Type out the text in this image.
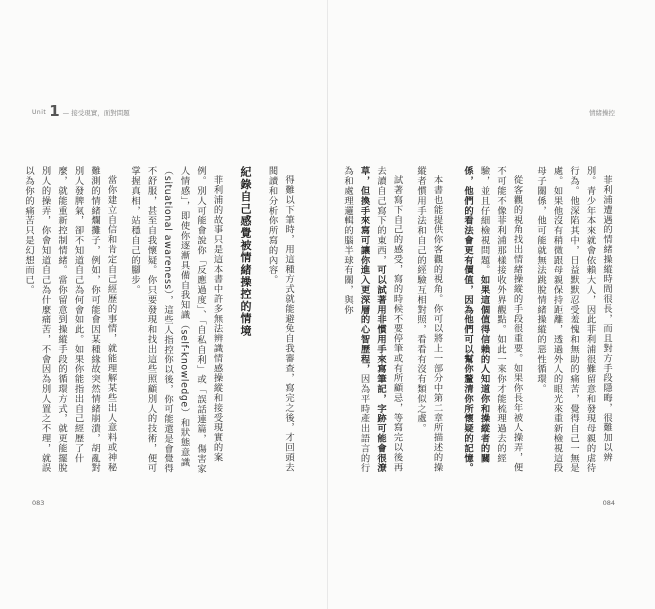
Unit 1 — 接受現實，面對問題

得難以下筆時，用這種方式就能避免自我審查，寫完之後，才回頭去閱讀和分析你所寫的內容。

紀錄自己感覺被情緒操控的情境

菲利浦的故事只是這本書中許多無法辨識情感操縱和接受現實的案例。別人可能會說你「反應過度」、「自私自利」或「誤話連篇，傷害家人情感」，即使你逐漸具備自我知識（self-knowledge）和狀態意識（situational awareness），這些人指控你以後，你可能還是會覺得不舒服，甚至自我懷疑。你只要發現和找出這些照顧別人的技術，便可掌握真相，站穩自己的腳步。

當你建立自信和肯定自己經歷的事情，就能理解某些出人意料或神秘難測的情緒爛攤子，例如，你可能會因某種緣故突然情緒崩潰，胡亂對別人發脾氣，卻不知道自己為何會如此。如果你能指出自己經歷了什麼，就能重新控制情緒。當你留意到操縱手段的循環方式，就更能擺脫別人的操弄，你會知道自己為什麼痛苦，不會因為別人置之不理，就誤以為你的痛苦只是幻想而已。

083
情緒操控

菲利浦遭遇的情緒操縱時間很長，而且對方手段隱晦，很難加以辨別。青少年本來就會依賴大人，因此菲利浦很難留意和發現母親的虐待行為。他深陷其中，日益默默忍受羞愧和無助的痛苦，覺得自己一無是處。如果他沒有稍微跟母親保持距離，透過外人的眼光來重新檢視這段母子關係，他可能就無法跳脫情緒操縱的惡性循環。

從客觀的視角找出情緒操縱的手段很重要。如果你長年被人操弄，便不可能不像菲利浦那樣接收外界觀點。如此一來你才能梳理過去的經驗，並且仔細檢視問題。如果這個值得信賴的人知道你和操縱者的關係，他們的看法會更有價值，因為他們可以幫你釐清你所懷疑的記憶。

本書也能提供你客觀的視角。你可以將上一部分中第二章所描述的操縱者慣用手法和自己的經驗互相對照，看看有沒有類似之處。

試著寫下自己的感受，寫的時候不要停筆或有所顧忌，等寫完以後再去讀自己寫下的東西，可以試著用非慣用手來寫筆記，字跡可能會很潦草，但換手來寫可讓你進入更深層的心智歷程，因為平時產出語言的行為和處理邏輯的腦半球有關，與你

084
